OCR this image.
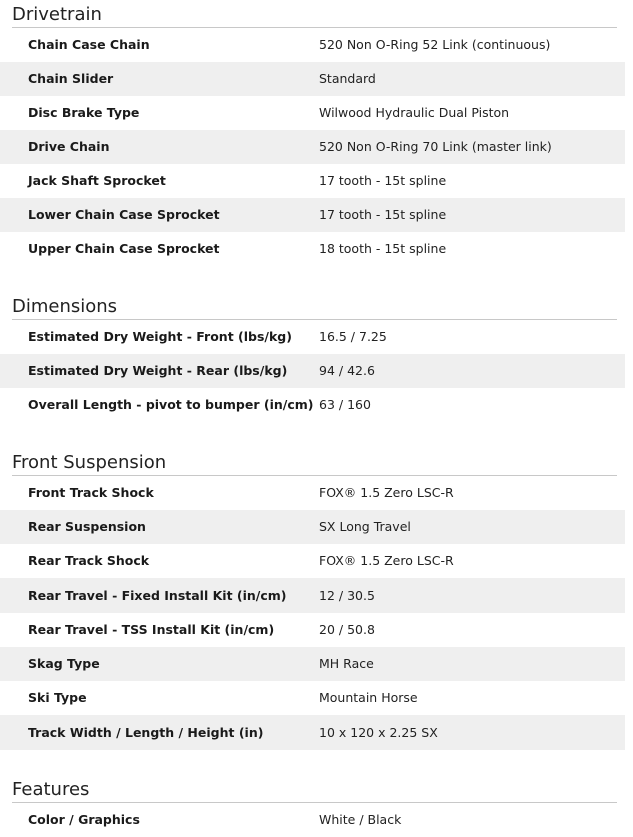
Drivetrain
Chain Case Chain	520 Non O-Ring 52 Link (continuous)
Chain Slider	Standard
Disc Brake Type	Wilwood Hydraulic Dual Piston
Drive Chain	520 Non O-Ring 70 Link (master link)
Jack Shaft Sprocket	17 tooth - 15t spline
Lower Chain Case Sprocket	17 tooth - 15t spline
Upper Chain Case Sprocket	18 tooth - 15t spline
Dimensions
Estimated Dry Weight - Front (lbs/kg) 16.5 / 7.25
Estimated Dry Weight - Rear (lbs/kg)	94 / 42.6
Overall Length - pivot to bumper (in/cm) 63 / 160
Front Suspension
Front Track Shock	FOX® 1.5 Zero LSC-R
Rear Suspension	SX Long Travel
Rear Track Shock	FOX® 1.5 Zero LSC-R
Rear Travel - Fixed Install Kit (in/cm)	12 / 30.5
Rear Travel - TSS Install Kit (in/cm)	20 / 50.8
Skag Type	MH Race
Ski Type	Mountain Horse
Track Width / Length / Height (in)	10 x 120 x 2.25 SX
Features
Color / Graphics	White / Black
